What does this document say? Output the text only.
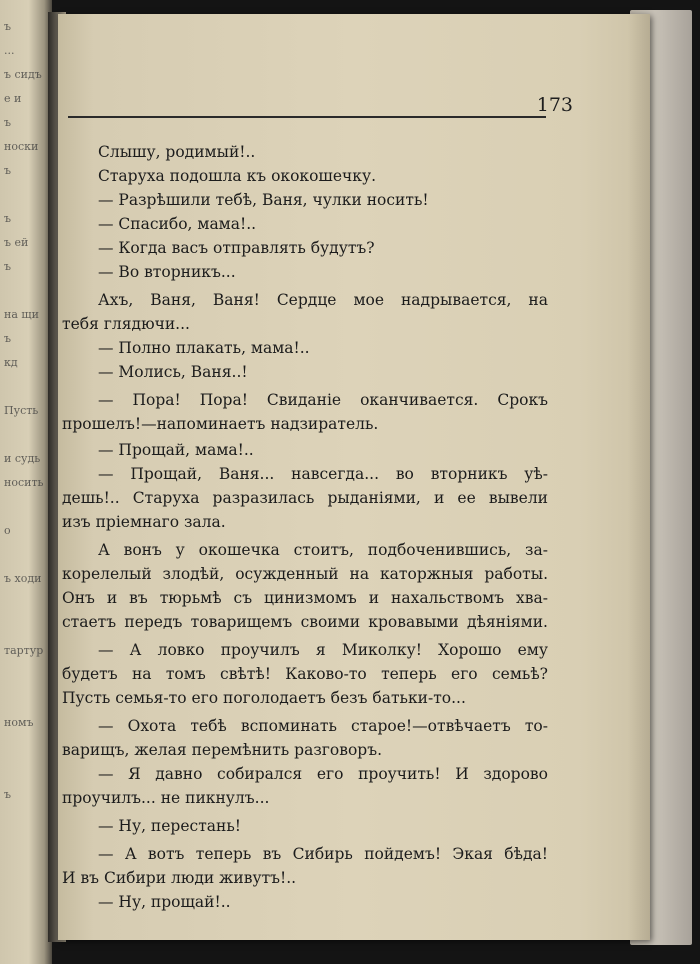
ъ
...
ъ сидъ
е и
ъ
носки
ъ
ъ
ъ ей
ъ
на щи
ъ
кд
Пусть
и судь
носить
о
ъ ходи
тартур
номъ
ъ
173
Слышу, родимый!..
Старуха подошла къ ококошечку.
— Разрѣшили тебѣ, Ваня, чулки носить!
— Спасибо, мама!..
— Когда васъ отправлять будутъ?
— Во вторникъ...
Ахъ, Ваня, Ваня! Сердце мое надрывается, на
тебя глядючи...
— Полно плакать, мама!..
— Молись, Ваня..!
— Пора! Пора! Свиданіе оканчивается. Срокъ
прошелъ!—напоминаетъ надзиратель.
— Прощай, мама!..
— Прощай, Ваня... навсегда... во вторникъ уѣ-
дешь!.. Старуха разразилась рыданіями, и ее вывели
изъ пріемнаго зала.
А вонъ у окошечка стоитъ, подбоченившись, за-
корелелый злодѣй, осужденный на каторжныя работы.
Онъ и въ тюрьмѣ съ цинизмомъ и нахальствомъ хва-
стаетъ передъ товарищемъ своими кровавыми дѣяніями.
— А ловко проучилъ я Миколку! Хорошо ему
будетъ на томъ свѣтѣ! Каково-то теперь его семьѣ?
Пусть семья-то его поголодаетъ безъ батьки-то...
— Охота тебѣ вспоминать старое!—отвѣчаетъ то-
варищъ, желая перемѣнить разговоръ.
— Я давно собирался его проучить! И здорово
проучилъ... не пикнулъ...
— Ну, перестань!
— А вотъ теперь въ Сибирь пойдемъ! Экая бѣда!
И въ Сибири люди живутъ!..
— Ну, прощай!..
